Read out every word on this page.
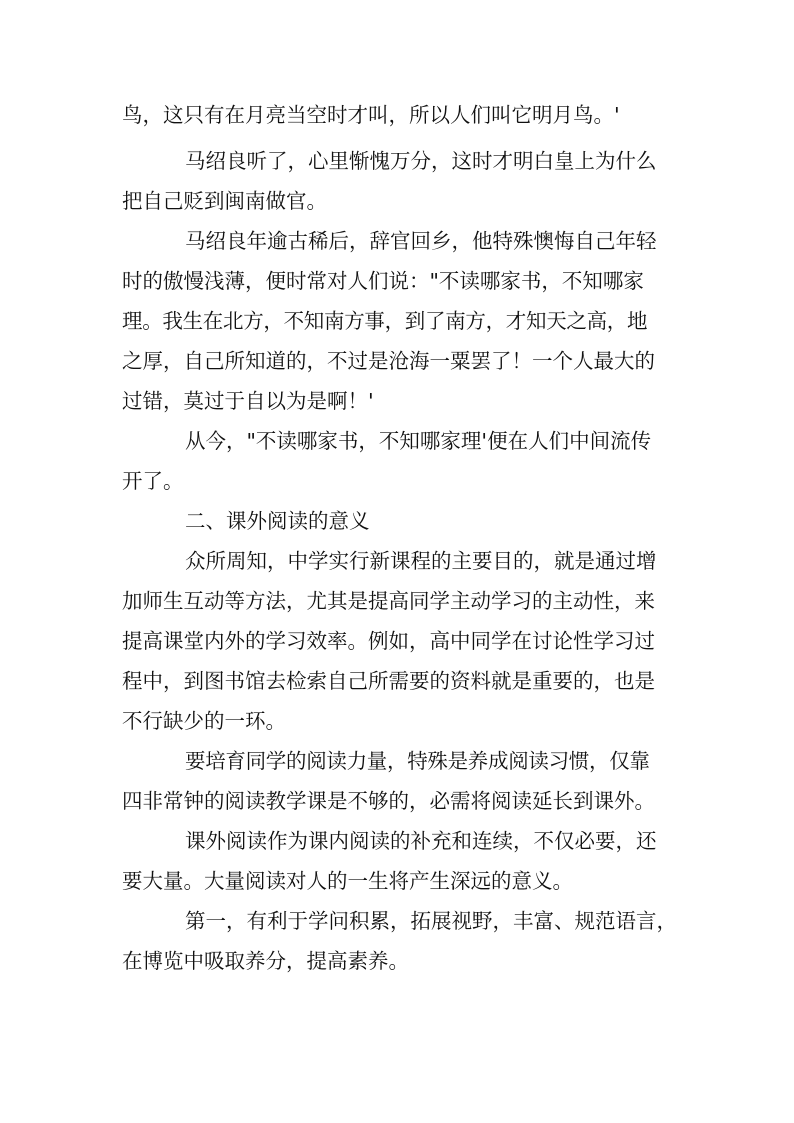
鸟，这只有在月亮当空时才叫，所以人们叫它明月鸟。'
马绍良听了，心里惭愧万分，这时才明白皇上为什么
把自己贬到闽南做官。
马绍良年逾古稀后，辞官回乡，他特殊懊悔自己年轻
时的傲慢浅薄，便时常对人们说："不读哪家书，不知哪家
理。我生在北方，不知南方事，到了南方，才知天之高，地
之厚，自己所知道的，不过是沧海一粟罢了！一个人最大的
过错，莫过于自以为是啊！'
从今，"不读哪家书，不知哪家理'便在人们中间流传
开了。
二、课外阅读的意义
众所周知，中学实行新课程的主要目的，就是通过增
加师生互动等方法，尤其是提高同学主动学习的主动性，来
提高课堂内外的学习效率。例如，高中同学在讨论性学习过
程中，到图书馆去检索自己所需要的资料就是重要的，也是
不行缺少的一环。
要培育同学的阅读力量，特殊是养成阅读习惯，仅靠
四非常钟的阅读教学课是不够的，必需将阅读延长到课外。
课外阅读作为课内阅读的补充和连续，不仅必要，还
要大量。大量阅读对人的一生将产生深远的意义。
第一，有利于学问积累，拓展视野，丰富、规范语言，
在博览中吸取养分，提高素养。
